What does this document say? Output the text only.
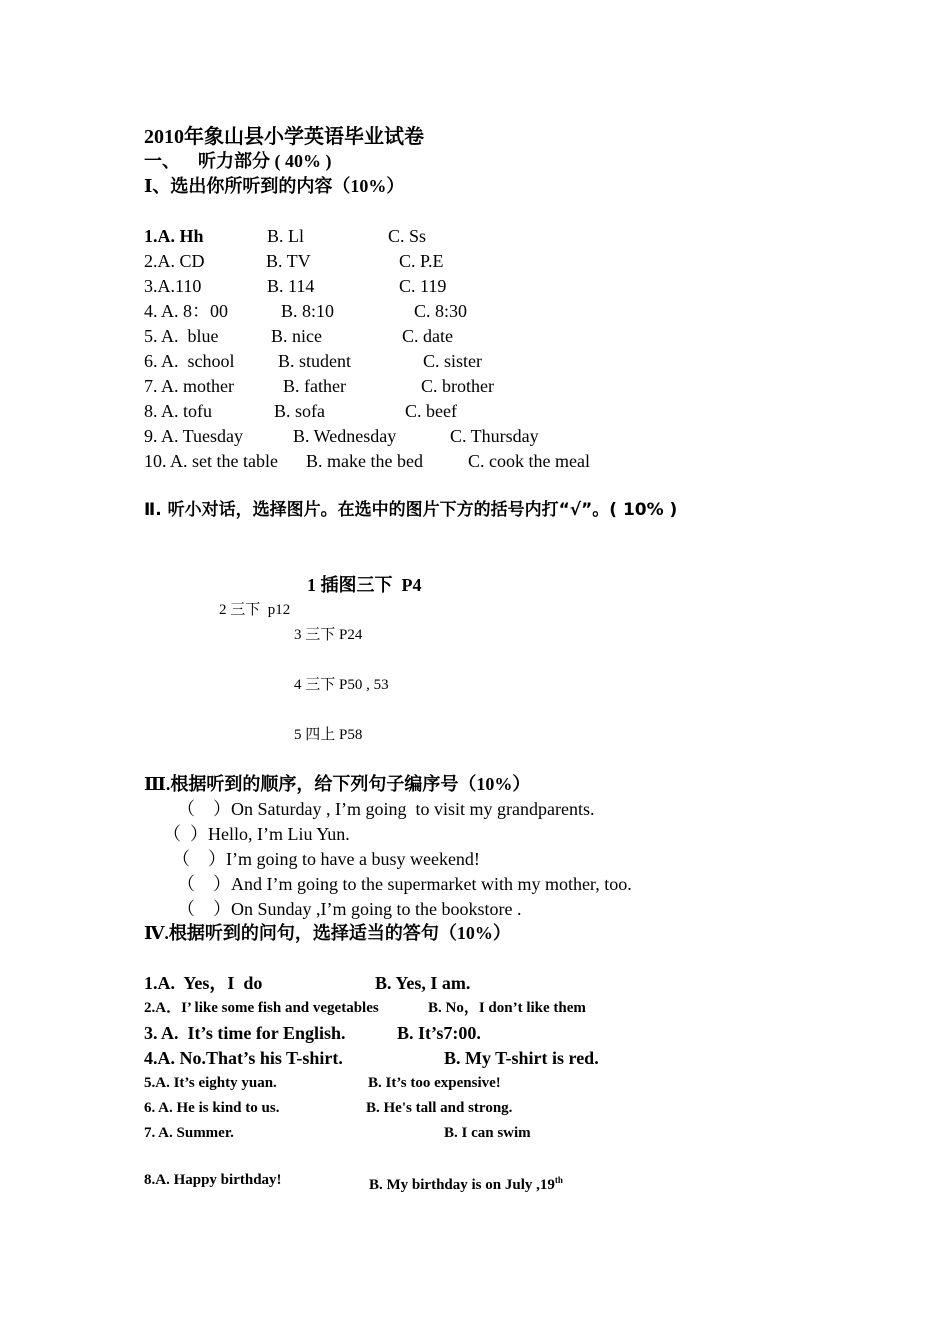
2010年象山县小学英语毕业试卷
一、    听力部分 ( 40% )
Ⅰ、选出你所听到的内容（10%）
1.A. Hh	B. Ll	C. Ss
2.A. CD	B. TV	C. P.E
3.A.110	B. 114	C. 119
4. A. 8：00	B. 8:10	C. 8:30
5. A.  blue	B. nice	C. date
6. A.  school B. student	C. sister
7. A. mother	B. father	C. brother
8. A. tofu	B. sofa	C. beef
9. A. Tuesday	B. Wednesday	C. Thursday
10. A. set the table B. make the bed	C. cook the meal
Ⅱ. 听小对话，选择图片。在选中的图片下方的括号内打“√”。( 10% )
1 插图三下  P4
2 三下  p12
3 三下 P24
4 三下 P50 , 53
5 四上 P58
Ⅲ.根据听到的顺序，给下列句子编序号（10%）
（    ）On Saturday , I’m going  to visit my grandparents.
（  ）Hello, I’m Liu Yun.
（    ）I’m going to have a busy weekend!
（    ）And I’m going to the supermarket with my mother, too.
（    ）On Sunday ,I’m going to the bookstore .
Ⅳ.根据听到的问句，选择适当的答句（10%）
1.A.  Yes，I  do	B. Yes, I am.
2.A．I’ like some fish and vegetables	B. No，I don’t like them
3. A.  It’s time for English.	B. It’s7:00.
4.A. No.That’s his T-shirt.	B. My T-shirt is red.
5.A. It’s eighty yuan.	B. It’s too expensive!
6. A. He is kind to us.	B. He's tall and strong.
7. A. Summer.	B. I can swim
8.A. Happy birthday!	B. My birthday is on July ,19th
